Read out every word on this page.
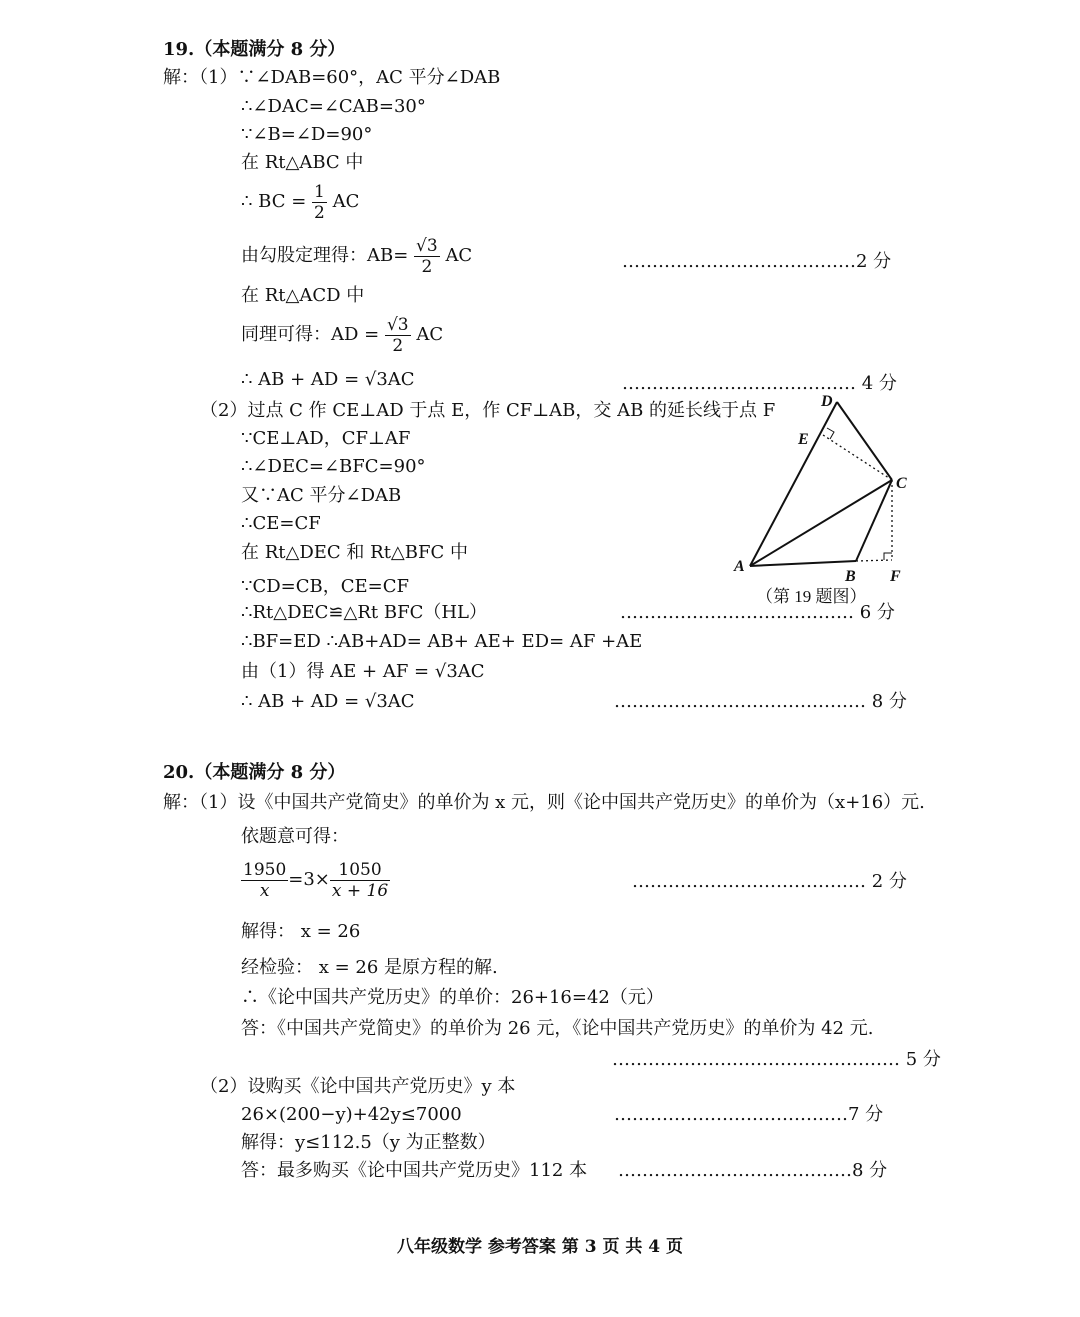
19.（本题满分 8 分）
解：（1）∵∠DAB=60°，AC 平分∠DAB
∴∠DAC=∠CAB=30°
∵∠B=∠D=90°
在 Rt△ABC 中
∴ BC = $\frac{1}{2}$ AC
由勾股定理得：$AB= \frac{√3}{2}$ AC	…………………………………2 分
在 Rt△ACD 中
同理可得：AD = $\frac{√3}{2}$ AC
∴ AB + AD = √3AC	………………………………… 4 分
（2）过点 C 作 CE⊥AD 于点 E，作 CF⊥AB，交 AB 的延长线于点 F
∵CE⊥AD，CF⊥AF
∴∠DEC=∠BFC=90°
又∵AC 平分∠DAB
∴CE=CF
在 Rt△DEC 和 Rt△BFC 中
∵CD=CB，CE=CF
∴Rt△DEC≌△Rt BFC（HL）	………………………………… 6 分
∴BF=ED ∴AB+AD= AB+ AE+ ED= AF +AE
由（1）得 AE + AF = √3AC
∴ AB + AD = √3AC	…………………………………… 8 分
D
E
C
A
B F
（第 19 题图）
20.（本题满分 8 分）
解：（1）设《中国共产党简史》的单价为 x 元，则《论中国共产党历史》的单价为（x+16）元.
依题意可得：
$\frac{1950}{x} =3\times \frac{1050}{x + 16}$	………………………………… 2 分
解得： x = 26
经检验： x = 26 是原方程的解.
∴《论中国共产党历史》的单价：26+16=42（元）
答：《中国共产党简史》的单价为 26 元，《论中国共产党历史》的单价为 42 元.
………………………………………… 5 分
（2）设购买《论中国共产党历史》y 本
26×(200−y)+42y≤7000	…………………………………7 分
解得：y≤112.5（y 为正整数）
答：最多购买《论中国共产党历史》112 本 …………………………………8 分
八年级数学 参考答案 第 3 页 共 4 页
